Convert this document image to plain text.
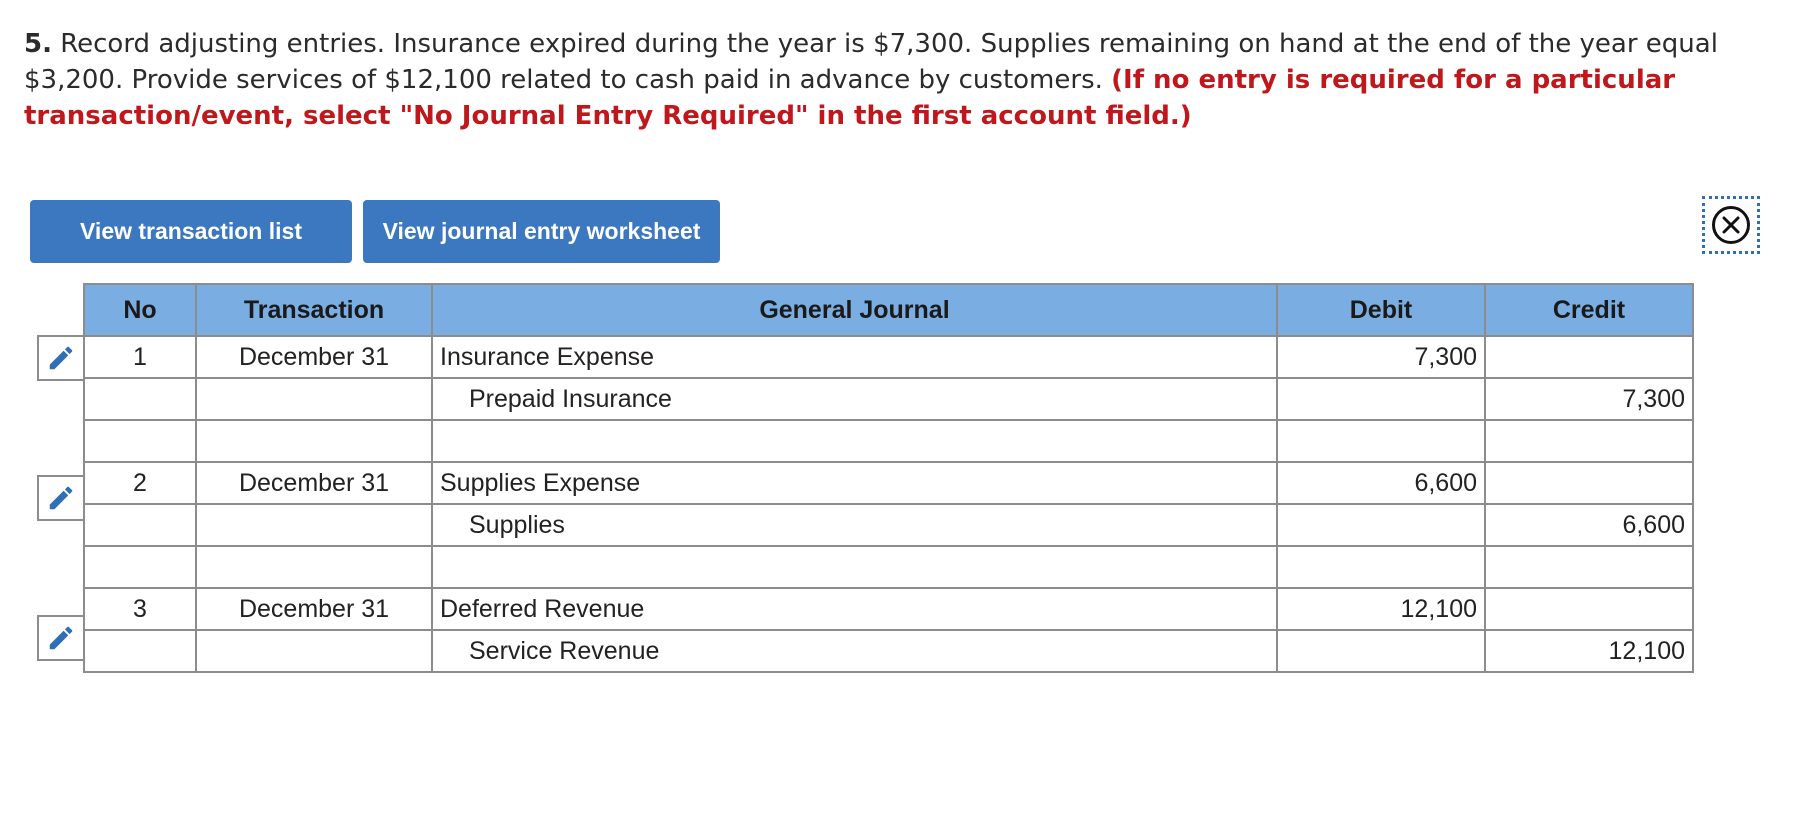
5. Record adjusting entries. Insurance expired during the year is $7,300. Supplies remaining on hand at the end of the year equal $3,200. Provide services of $12,100 related to cash paid in advance by customers. (If no entry is required for a particular transaction/event, select "No Journal Entry Required" in the first account field.)
View transaction list	View journal entry worksheet
No	Transaction	General Journal	Debit	Credit
1	December 31	Insurance Expense	7,300	
		Prepaid Insurance		7,300

2	December 31	Supplies Expense	6,600	
		Supplies		6,600

3	December 31	Deferred Revenue	12,100	
		Service Revenue		12,100
